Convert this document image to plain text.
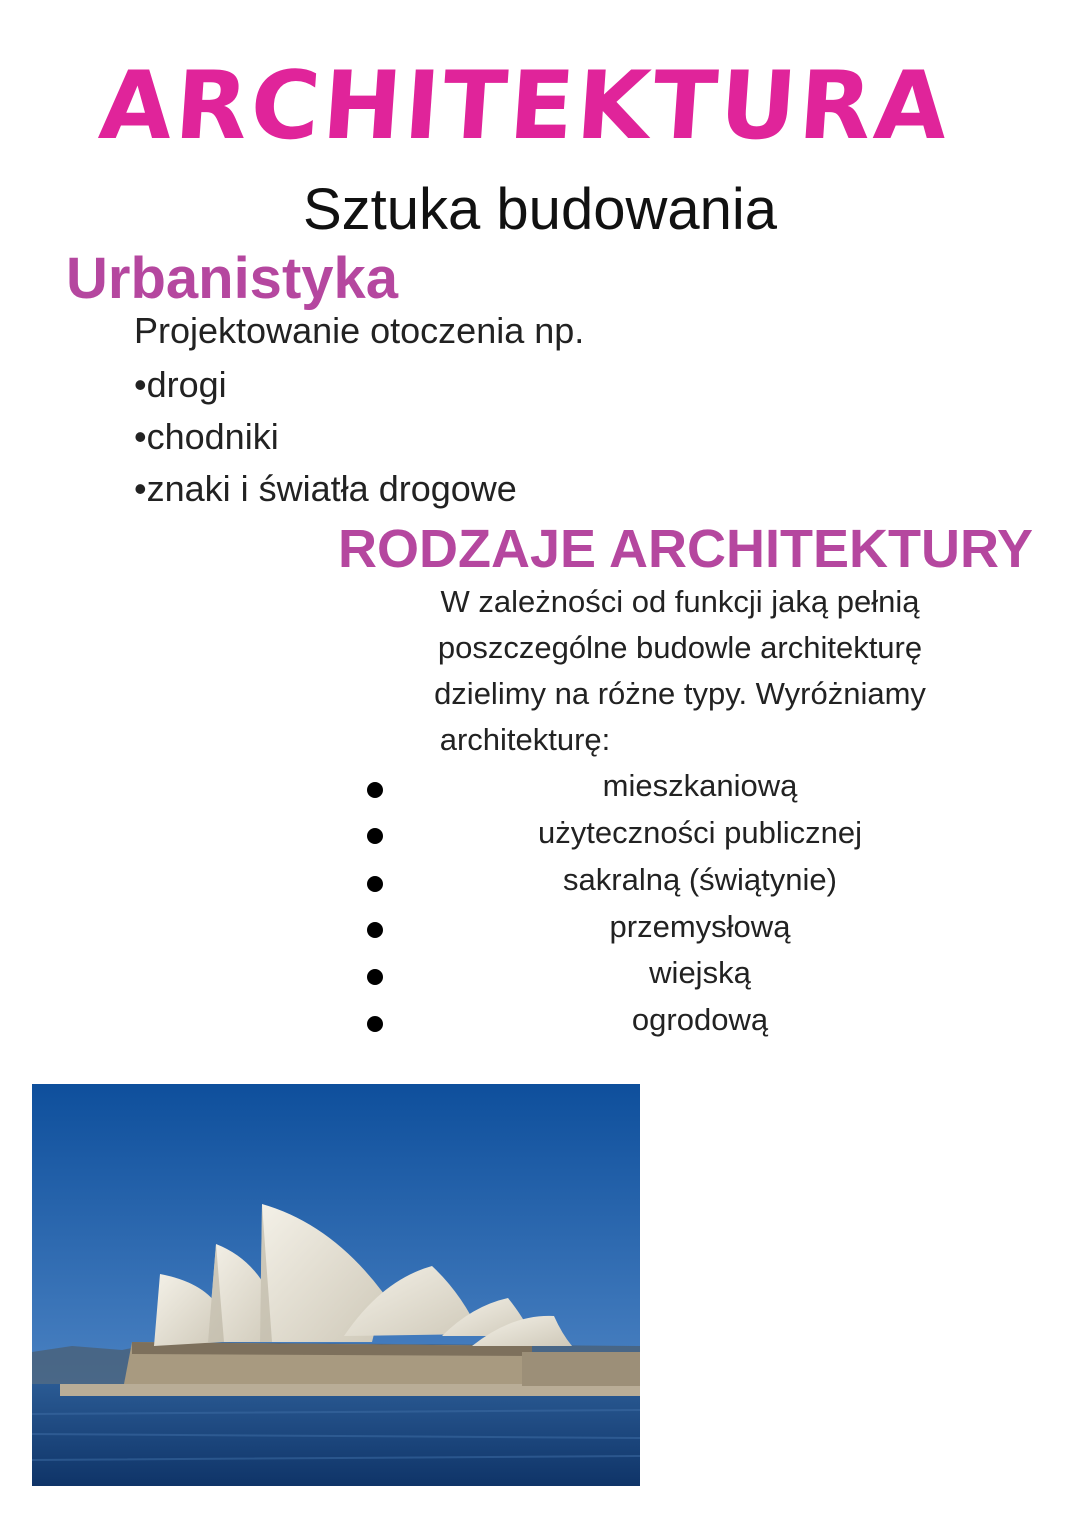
ARCHITEKTURA
Sztuka budowania
Urbanistyka
Projektowanie otoczenia np.
•drogi
•chodniki
•znaki i światła drogowe
RODZAJE ARCHITEKTURY
W zależności od funkcji jaką pełnią
poszczególne budowle architekturę
dzielimy na różne typy. Wyróżniamy
architekturę:
mieszkaniową
użyteczności publicznej
sakralną (świątynie)
przemysłową
wiejską
ogrodową
